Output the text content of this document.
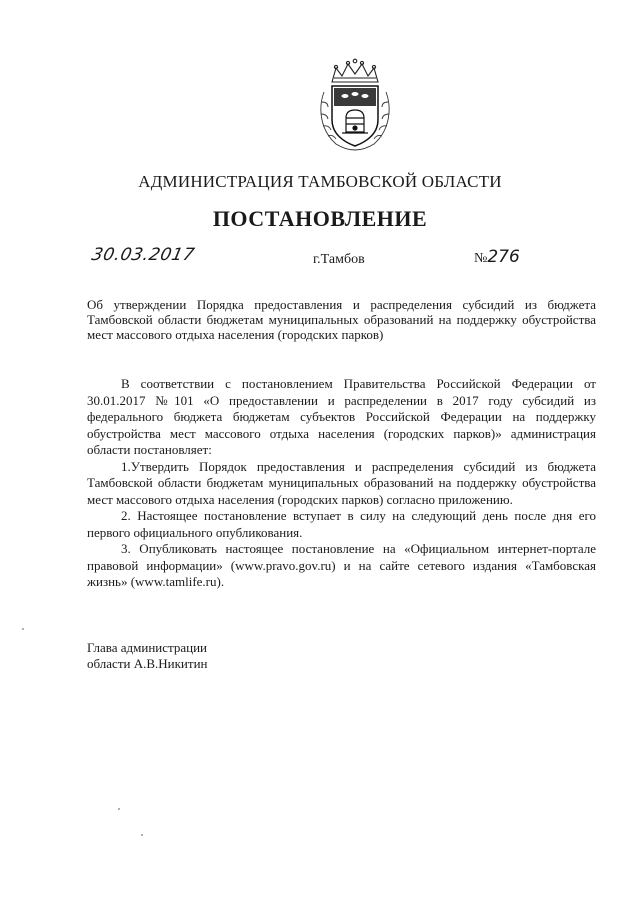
АДМИНИСТРАЦИЯ ТАМБОВСКОЙ ОБЛАСТИ
ПОСТАНОВЛЕНИЕ
30.03.2017	г.Тамбов	№276
Об утверждении Порядка предоставления и распределения субсидий из бюджета Тамбовской области бюджетам муниципальных образований на поддержку обустройства мест массового отдыха населения (городских парков)

В соответствии с постановлением Правительства Российской Федерации от 30.01.2017 №101 «О предоставлении и распределении в 2017 году субсидий из федерального бюджета бюджетам субъектов Российской Федерации на поддержку обустройства мест массового отдыха населения (городских парков)» администрация области постановляет:

1.Утвердить Порядок предоставления и распределения субсидий из бюджета Тамбовской области бюджетам муниципальных образований на поддержку обустройства мест массового отдыха населения (городских парков) согласно приложению.

2. Настоящее постановление вступает в силу на следующий день после дня его первого официального опубликования.

3. Опубликовать настоящее постановление на «Официальном интернет-портале правовой информации» (www.pravo.gov.ru) и на сайте сетевого издания «Тамбовская жизнь» (www.tamlife.ru).

Глава администрации
области А.В.Никитин
